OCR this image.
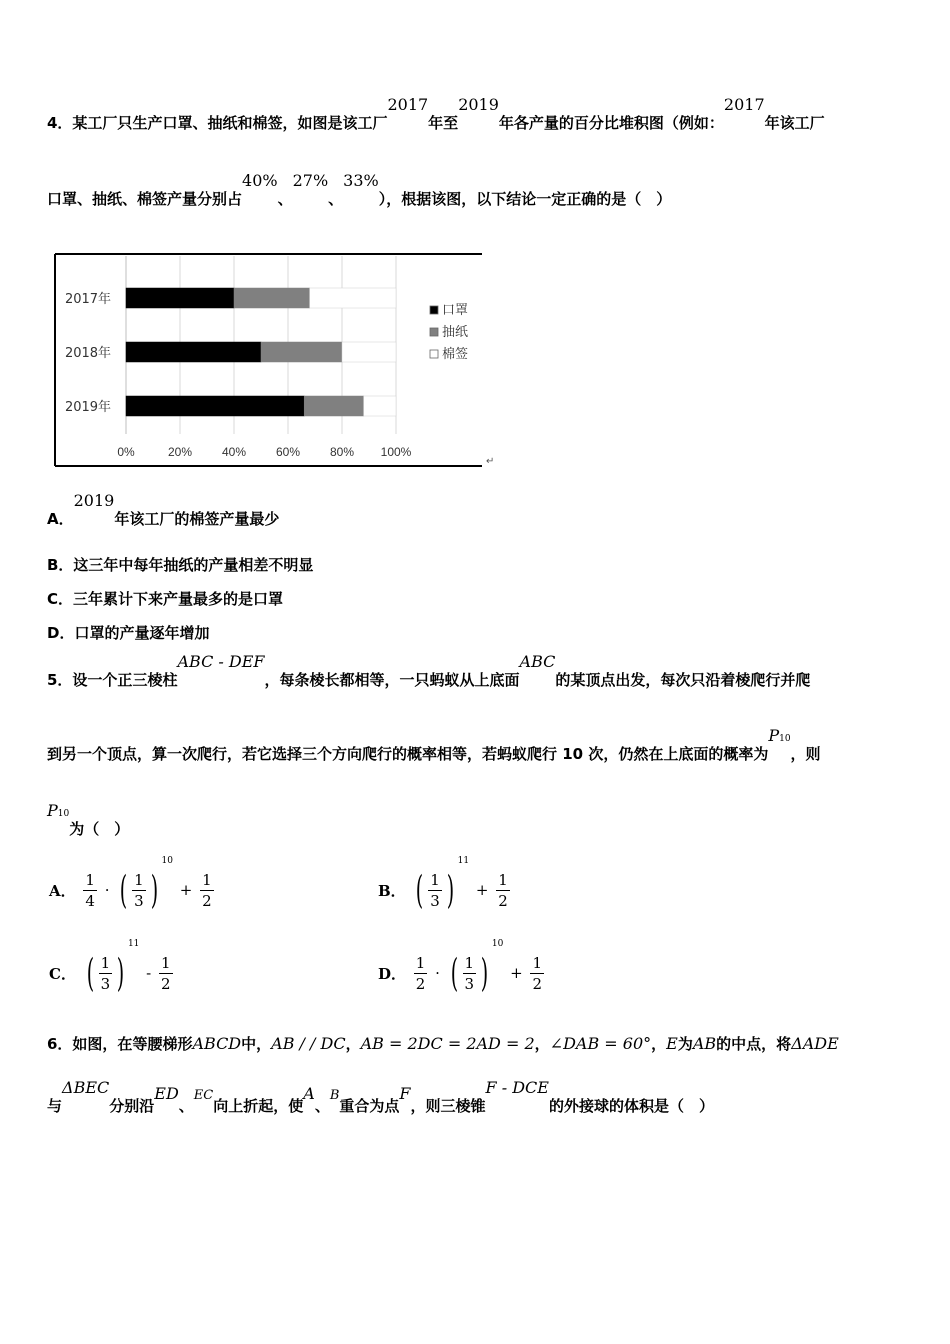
4．某工厂只生产口罩、抽纸和棉签，如图是该工厂2017年至2019年各产量的百分比堆积图（例如：2017年该工厂
口罩、抽纸、棉签产量分别占40%、27%、33%），根据该图，以下结论一定正确的是（　）
2017年
2018年
2019年
0%	20% 40% 60% 80% 100%
口罩
抽纸
棉签
↵
A．2019年该工厂的棉签产量最少
B．这三年中每年抽纸的产量相差不明显
C．三年累计下来产量最多的是口罩
D．口罩的产量逐年增加
5．设一个正三棱柱ABC - DEF，每条棱长都相等，一只蚂蚁从上底面ABC的某顶点出发，每次只沿着棱爬行并爬
到另一个顶点，算一次爬行，若它选择三个方向爬行的概率相等，若蚂蚁爬行 10 次，仍然在上底面的概率为P10，则
P10为（　）
A． $\frac{1}{4}$ · ( $\frac{1}{3} )10 + \frac{1}{2}$	B． ( $\frac{1}{3} )11 + \frac{1}{2}$
C． ( $\frac{1}{3} )11 - \frac{1}{2}$	D． $\frac{1}{2}$ · ( $\frac{1}{3} )10 + \frac{1}{2}$
6．如图，在等腰梯形ABCD中，AB / / DC，AB = 2DC = 2AD = 2，∠DAB = 60°，E为AB的中点，将ΔADE
与ΔBEC分别沿ED、EC向上折起，使A、B重合为点F，则三棱锥F - DCE的外接球的体积是（　）
